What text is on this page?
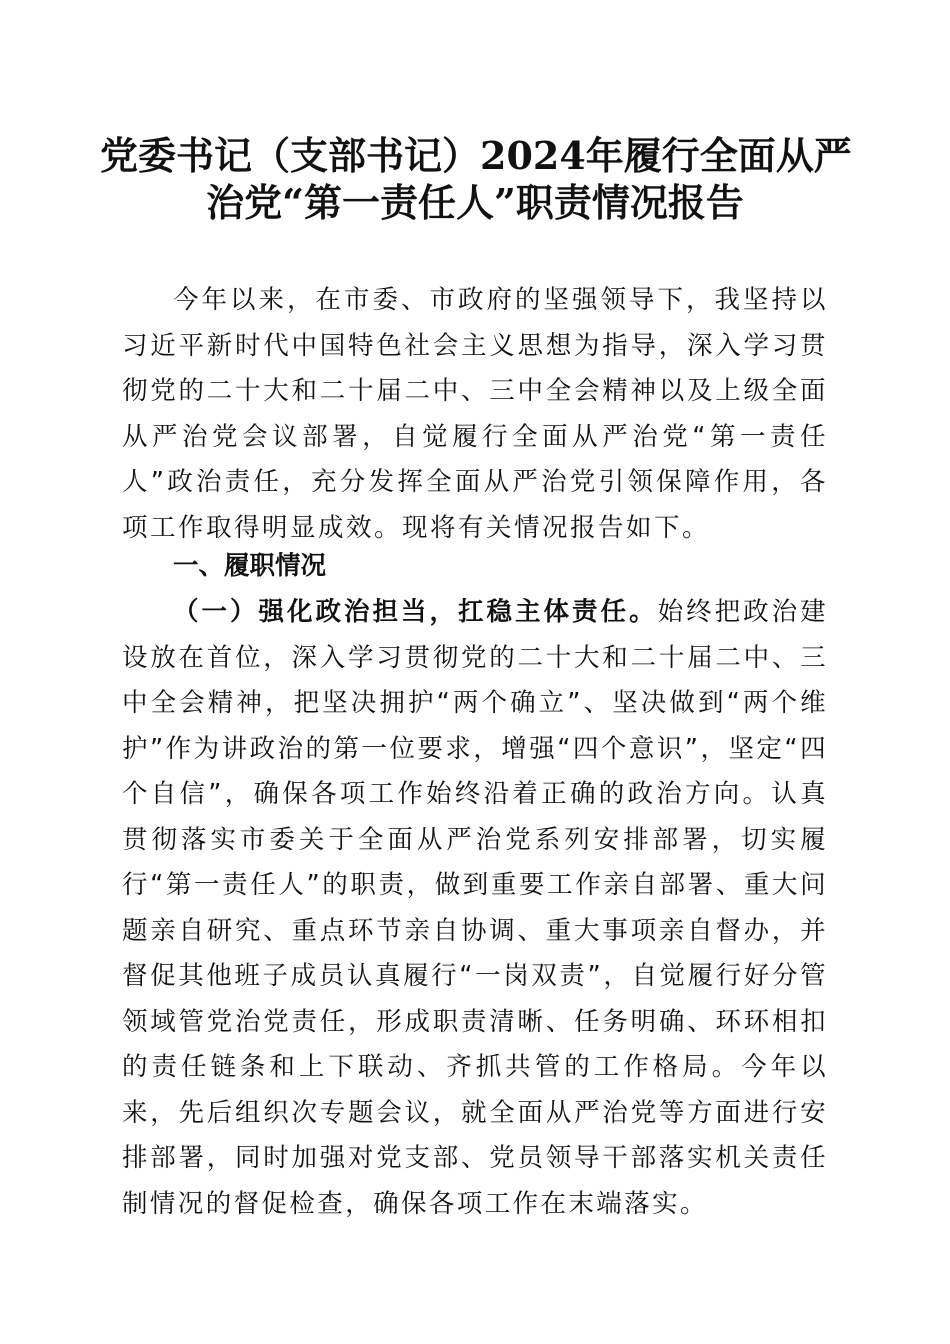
党委书记（支部书记）2024年履行全面从严
治党“第一责任人”职责情况报告

今年以来，在市委、市政府的坚强领导下，我坚持以习近平新时代中国特色社会主义思想为指导，深入学习贯彻党的二十大和二十届二中、三中全会精神以及上级全面从严治党会议部署，自觉履行全面从严治党“第一责任人”政治责任，充分发挥全面从严治党引领保障作用，各项工作取得明显成效。现将有关情况报告如下。

一、履职情况

（一）强化政治担当，扛稳主体责任。始终把政治建设放在首位，深入学习贯彻党的二十大和二十届二中、三中全会精神，把坚决拥护“两个确立”、坚决做到“两个维护”作为讲政治的第一位要求，增强“四个意识”，坚定“四个自信”，确保各项工作始终沿着正确的政治方向。认真贯彻落实市委关于全面从严治党系列安排部署，切实履行“第一责任人”的职责，做到重要工作亲自部署、重大问题亲自研究、重点环节亲自协调、重大事项亲自督办，并督促其他班子成员认真履行“一岗双责”，自觉履行好分管领域管党治党责任，形成职责清晰、任务明确、环环相扣的责任链条和上下联动、齐抓共管的工作格局。今年以来，先后组织次专题会议，就全面从严治党等方面进行安排部署，同时加强对党支部、党员领导干部落实机关责任制情况的督促检查，确保各项工作在末端落实。
